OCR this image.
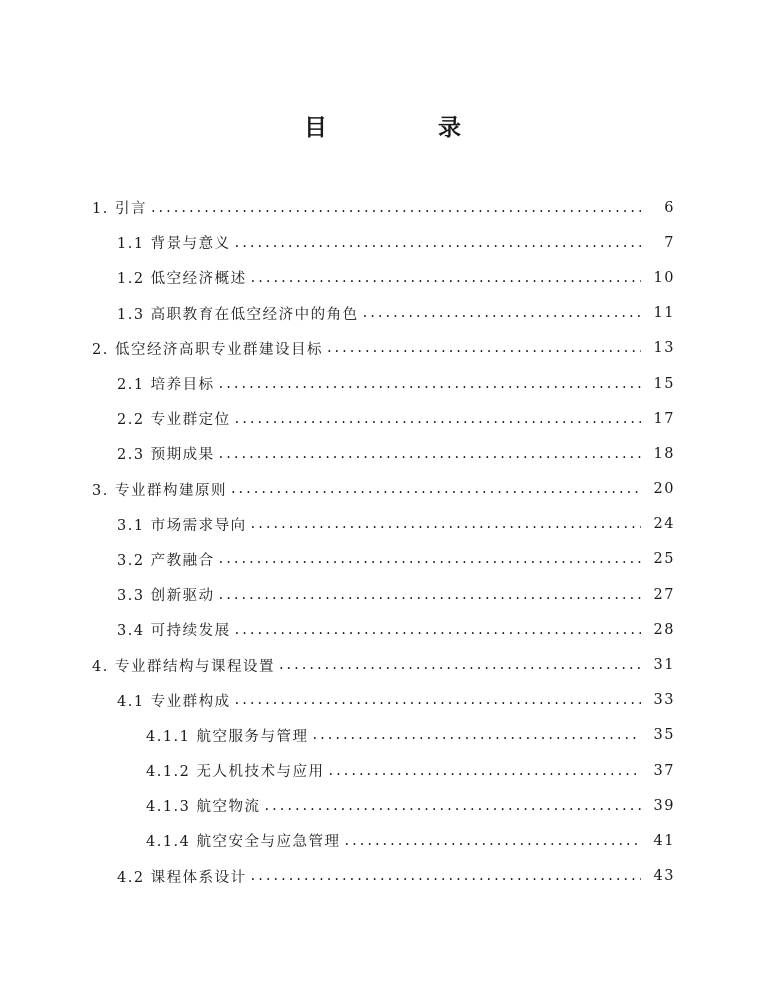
目　录
1. 引言 .....	6
1.1 背景与意义 .....	7
1.2 低空经济概述 .....	10
1.3 高职教育在低空经济中的角色 .....	11
2. 低空经济高职专业群建设目标 .....	13
2.1 培养目标 .....	15
2.2 专业群定位 .....	17
2.3 预期成果 .....	18
3. 专业群构建原则 .....	20
3.1 市场需求导向 .....	24
3.2 产教融合 .....	25
3.3 创新驱动 .....	27
3.4 可持续发展 .....	28
4. 专业群结构与课程设置 .....	31
4.1 专业群构成 .....	33
4.1.1 航空服务与管理 .....	35
4.1.2 无人机技术与应用 .....	37
4.1.3 航空物流 .....	39
4.1.4 航空安全与应急管理 .....	41
4.2 课程体系设计 .....	43
